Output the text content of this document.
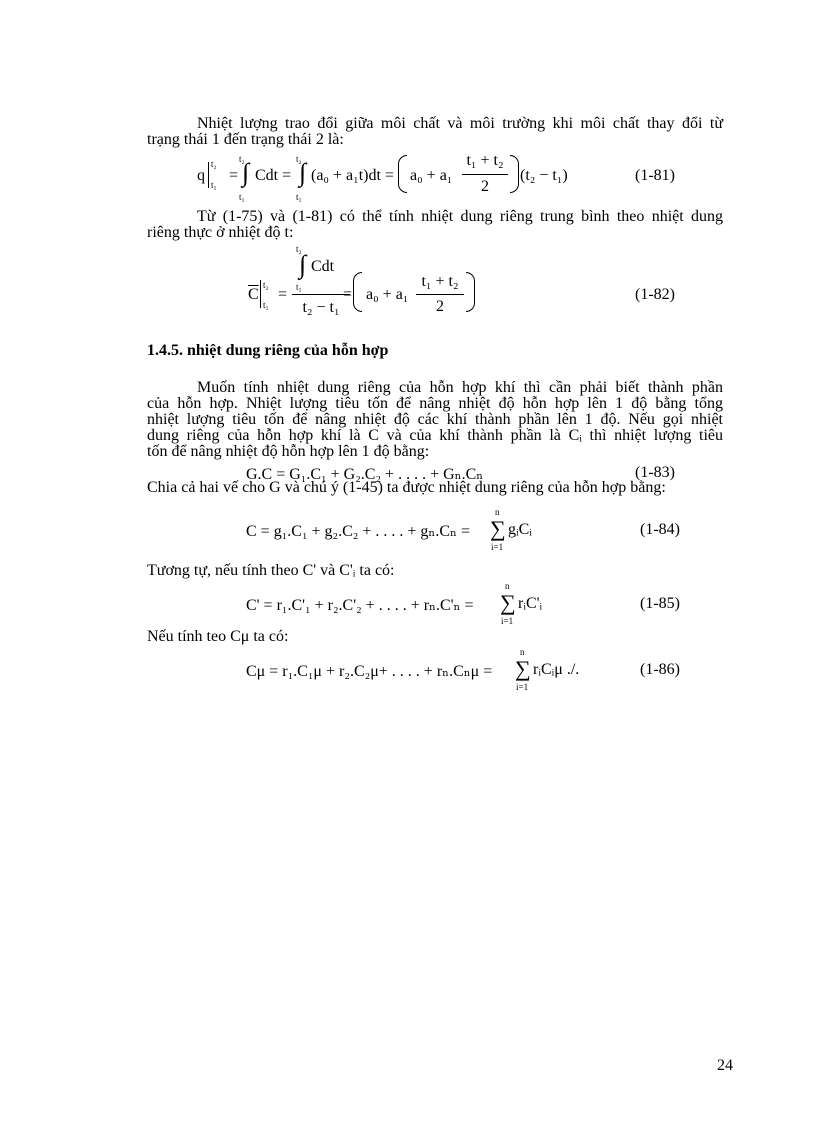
Nhiệt lượng trao đổi giữa môi chất và môi trường khi môi chất thay đổi từ
trạng thái 1 đến trạng thái 2 là:
q
t₂
t₁
=
t₂
∫
t₁
Cdt =
t₂
∫
t₁
(a₀ + a₁t)dt = a₀ + a₁
t₁ + t₂
2
(t₂ − t₁)	(1-81)
Từ (1-75) và (1-81) có thể tính nhiệt dung riêng trung bình theo nhiệt dung
riêng thực ở nhiệt độ t:
$\overline{C}$
t₂
t₁
=
t₂
∫
t₁
Cdt
t₂ − t₁
= a₀ + a₁
t₁ + t₂
2
(1-82)
1.4.5. nhiệt dung riêng của hỗn hợp
Muốn tính nhiệt dung riêng của hỗn hợp khí thì cần phải biết thành phần
của hỗn hợp. Nhiệt lượng tiêu tốn để nâng nhiệt độ hỗn hợp lên 1 độ bằng tổng
nhiệt lượng tiêu tốn để nâng nhiệt độ các khí thành phần lên 1 độ. Nếu gọi nhiệt
dung riêng của hỗn hợp khí là C và của khí thành phần là Cᵢ thì nhiệt lượng tiêu
tốn để nâng nhiệt độ hỗn hợp lên 1 độ bằng:
G.C = G₁.C₁ + G₂.C₂ + . . . . + Gₙ.Cₙ	(1-83)
Chia cả hai vế cho G và chú ý (1-45) ta được nhiệt dung riêng của hỗn hợp bằng:
C = g₁.C₁ + g₂.C₂ + . . . . + gₙ.Cₙ =
n
∑
i=1
gᵢCᵢ	(1-84)
Tương tự, nếu tính theo C' và C'ᵢ ta có:
C' = r₁.C'₁ + r₂.C'₂ + . . . . + rₙ.C'ₙ =
n
∑
i=1
rᵢC'ᵢ	(1-85)
Nếu tính teo Cμ ta có:
Cμ = r₁.C₁μ + r₂.C₂μ+ . . . . + rₙ.Cₙμ =
n
∑
i=1
rᵢCᵢμ ./.	(1-86)
24
